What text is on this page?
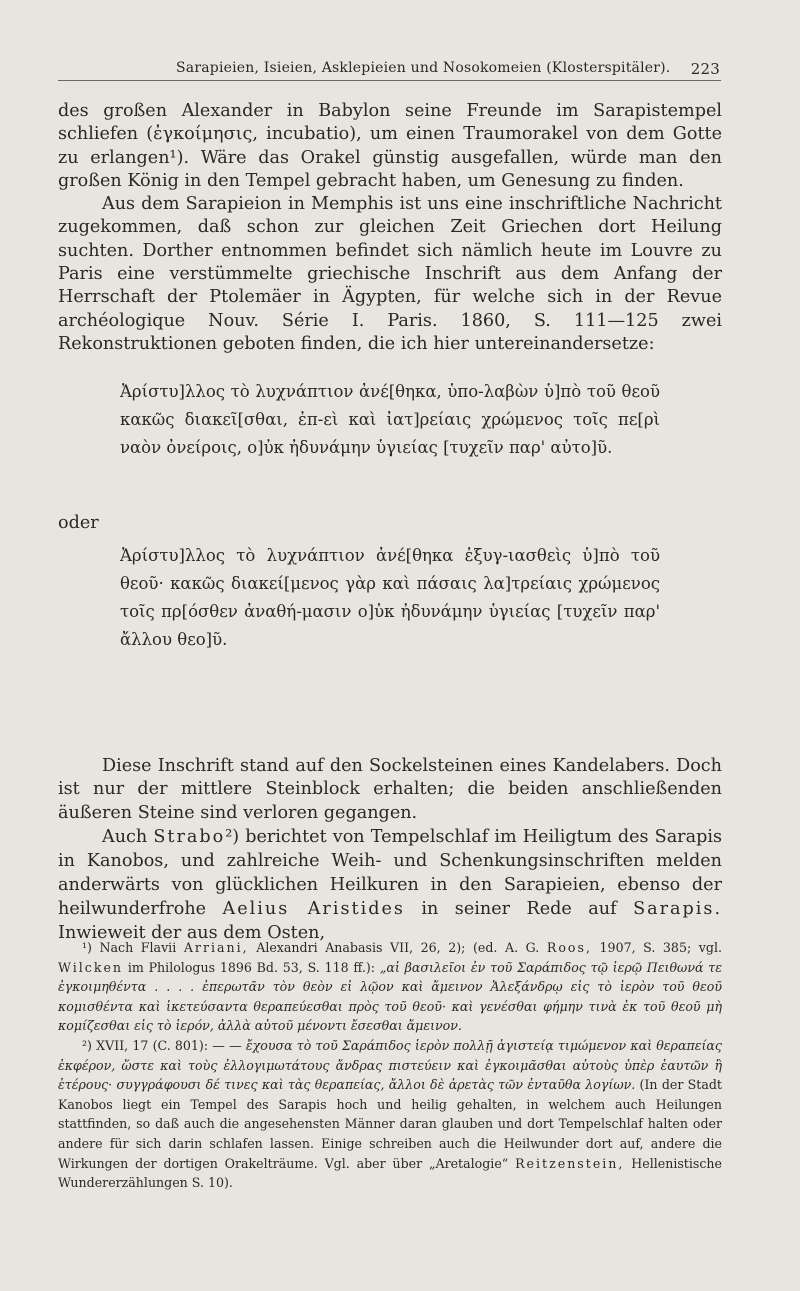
Sarapieien, Isieien, Asklepieien und Nosokomeien (Klosterspitäler). 223

des großen Alexander in Babylon seine Freunde im Sarapistempel schliefen (ἐγκοίμησις, incubatio), um einen Traumorakel von dem Gotte zu erlangen¹). Wäre das Orakel günstig ausgefallen, würde man den großen König in den Tempel gebracht haben, um Genesung zu finden.

Aus dem Sarapieion in Memphis ist uns eine inschriftliche Nachricht zugekommen, daß schon zur gleichen Zeit Griechen dort Heilung suchten. Dorther entnommen befindet sich nämlich heute im Louvre zu Paris eine verstümmelte griechische Inschrift aus dem Anfang der Herrschaft der Ptolemäer in Ägypten, für welche sich in der Revue archéologique Nouv. Série I. Paris. 1860, S. 111—125 zwei Rekonstruktionen geboten finden, die ich hier untereinandersetze:

Ἀρίστυ]λλος τὸ λυχνάπτιον ἀνέ[θηκα, ὑπο-λαβὼν ὑ]πὸ τοῦ θεοῦ κακῶς διακεῖ[σθαι, ἐπ-εὶ καὶ ἰατ]ρείαις χρώμενος τοῖς πε[ρὶ ναὸν ὀνείροις, ο]ὐκ ἠδυνάμην ὑγιείας [τυχεῖν παρ' αὐτο]ῦ.
oder
Ἀρίστυ]λλος τὸ λυχνάπτιον ἀνέ[θηκα ἐξυγ-ιασθεὶς ὑ]πὸ τοῦ θεοῦ· κακῶς διακεί[μενος γὰρ καὶ πάσαις λα]τρείαις χρώμενος τοῖς πρ[όσθεν ἀναθή-μασιν ο]ὐκ ἠδυνάμην ὑγιείας [τυχεῖν παρ' ἄλλου θεο]ῦ.
Diese Inschrift stand auf den Sockelsteinen eines Kandelabers. Doch ist nur der mittlere Steinblock erhalten; die beiden anschließenden äußeren Steine sind verloren gegangen.
Auch Strabo²) berichtet von Tempelschlaf im Heiligtum des Sarapis in Kanobos, und zahlreiche Weih- und Schenkungsinschriften melden anderwärts von glücklichen Heilkuren in den Sarapieien, ebenso der heilwunderfrohe Aelius Aristides in seiner Rede auf Sarapis. Inwieweit der aus dem Osten,

¹) Nach Flavii Arriani, Alexandri Anabasis VII, 26, 2); (ed. A. G. Roos, 1907, S. 385; vgl. Wilcken im Philologus 1896 Bd. 53, S. 118 ff.): „αἱ βασιλεῖοι ἐν τοῦ Σαράπιδος τῷ ἱερῷ Πειθωνά τε ἐγκοιμηθέντα . . . . ἐπερωτᾶν τὸν θεὸν εἰ λῷον καὶ ἄμεινον Ἀλεξάνδρῳ εἰς τὸ ἱερὸν τοῦ θεοῦ κομισθέντα καὶ ἱκετεύσαντα θεραπεύεσθαι πρὸς τοῦ θεοῦ· καὶ γενέσθαι φήμην τινὰ ἐκ τοῦ θεοῦ μὴ κομίζεσθαι εἰς τὸ ἱερόν, ἀλλὰ αὐτοῦ μένοντι ἔσεσθαι ἄμεινον.

²) XVII, 17 (C. 801): — — ἔχουσα τὸ τοῦ Σαράπιδος ἱερὸν πολλῇ ἁγιστείᾳ τιμώμενον καὶ θεραπείας ἐκφέρον, ὥστε καὶ τοὺς ἐλλογιμωτάτους ἄνδρας πιστεύειν καὶ ἐγκοιμᾶσθαι αὐτοὺς ὑπὲρ ἑαυτῶν ἢ ἑτέρους· συγγράφουσι δέ τινες καὶ τὰς θεραπείας, ἄλλοι δὲ ἀρετὰς τῶν ἐνταῦθα λογίων. (In der Stadt Kanobos liegt ein Tempel des Sarapis hoch und heilig gehalten, in welchem auch Heilungen stattfinden, so daß auch die angesehensten Männer daran glauben und dort Tempelschlaf halten oder andere für sich darin schlafen lassen. Einige schreiben auch die Heilwunder dort auf, andere die Wirkungen der dortigen Orakelträume. Vgl. aber über „Aretalogie“ Reitzenstein, Hellenistische Wundererzählungen S. 10).
